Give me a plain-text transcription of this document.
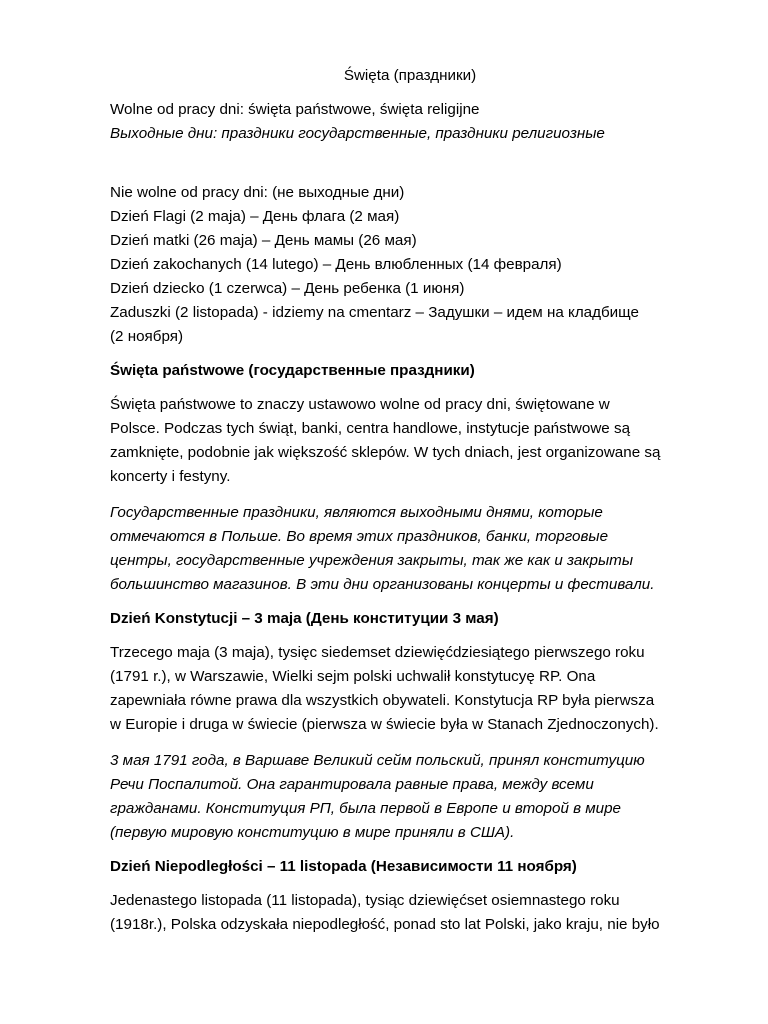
Święta (праздники)
Wolne od pracy dni: święta państwowe, święta religijne
Выходные дни: праздники государственные, праздники религиозные
Nie wolne od pracy dni: (не выходные дни)
Dzień Flagi (2 maja) – День флага (2 мая)
Dzień matki (26 maja) – День мамы (26 мая)
Dzień zakochanych (14 lutego) – День влюбленных (14 февраля)
Dzień dziecko (1 czerwca) – День ребенка (1 июня)
Zaduszki (2 listopada) - idziemy na cmentarz – Задушки – идем на кладбище
(2 ноября)
Święta państwowe (государственные праздники)
Święta państwowe to znaczy ustawowo wolne od pracy dni, świętowane w
Polsce. Podczas tych świąt, banki, centra handlowe, instytucje państwowe są
zamknięte, podobnie jak większość sklepów. W tych dniach, jest organizowane są
koncerty i festyny.
Государственные праздники, являются выходными днями, которые
отмечаются в Польше. Во время этих праздников, банки, торговые
центры, государственные учреждения закрыты, так же как и закрыты
большинство магазинов. В эти дни организованы концерты и фестивали.
Dzień Konstytucji – 3 maja (День конституции 3 мая)
Trzecego maja (3 maja), tysięc siedemset dziewięćdziesiątego pierwszego roku
(1791 r.), w Warszawie, Wielki sejm polski uchwalił konstytucyę RP. Ona
zapewniała równe prawa dla wszystkich obywateli. Konstytucja RP była pierwsza
w Europie i druga w świecie (pierwsza w świecie była w Stanach Zjednoczonych).
3 мая 1791 года, в Варшаве Великий сейм польский, принял конституцию
Речи Поспалитой. Она гарантировала равные права, между всеми
гражданами. Конституция РП, была первой в Европе и второй в мире
(первую мировую конституцию в мире приняли в США).
Dzień Niepodległości – 11 listopada (Независимости 11 ноября)
Jedenastego listopada (11 listopada), tysiąc dziewięćset osiemnastego roku
(1918r.), Polska odzyskała niepodległość, ponad sto lat Polski, jako kraju, nie było
